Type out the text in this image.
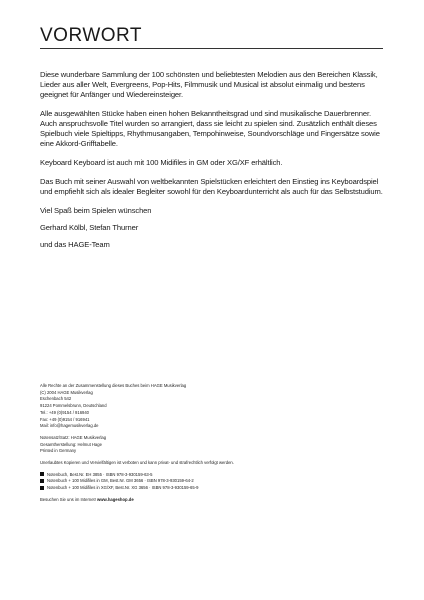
VORWORT

Diese wunderbare Sammlung der 100 schönsten und beliebtesten Melodien aus den Bereichen Klassik, Lieder aus aller Welt, Evergreens, Pop-Hits, Filmmusik und Musical ist absolut einmalig und bestens geeignet für Anfänger und Wiedereinsteiger.

Alle ausgewählten Stücke haben einen hohen Bekanntheitsgrad und sind musikalische Dauerbrenner. Auch anspruchsvolle Titel wurden so arrangiert, dass sie leicht zu spielen sind. Zusätzlich enthält dieses Spielbuch viele Spieltipps, Rhythmusangaben, Tempohinweise, Soundvorschläge und Fingersätze sowie eine Akkord-Grifftabelle.

Keyboard Keyboard ist auch mit 100 Midifiles in GM oder XG/XF erhältlich.

Das Buch mit seiner Auswahl von weltbekannten Spielstücken erleichtert den Einstieg ins Keyboardspiel und empfiehlt sich als idealer Begleiter sowohl für den Keyboardunterricht als auch für das Selbststudium.

Viel Spaß beim Spielen wünschen

Gerhard Kölbl, Stefan Thurner

und das HAGE-Team

Alle Rechte an der Zusammenstellung dieses Buches beim HAGE Musikverlag
(C) 2004 HAGE Musikverlag
Eschenbach 542
91224 Pommelsbrunn, Deutschland
Tel.: +49 (0)9154 / 916940
Fax: +49 (0)9154 / 916941
Mail: info@hagemusikverlag.de
Notensatz/Satz: HAGE Musikverlag
Gesamtherstellung: Helmut Hage
Printed in Germany
Unerlaubtes Kopieren und Vervielfältigen ist verboten und kann privat- und strafrechtlich verfolgt werden.
Notenbuch, Best.Nr. EH 3855 · ISBN 978-3-930159-63-5
Notenbuch + 100 Midifiles in GM, Best.Nr. GM 3656 · ISBN 978-3-930159-64-2
Notenbuch + 100 Midifiles in XG/XF, Best.Nr. XG 3656 · ISBN 978-3-930159-65-9
Besuchen Sie uns im Internet! www.hageshop.de
